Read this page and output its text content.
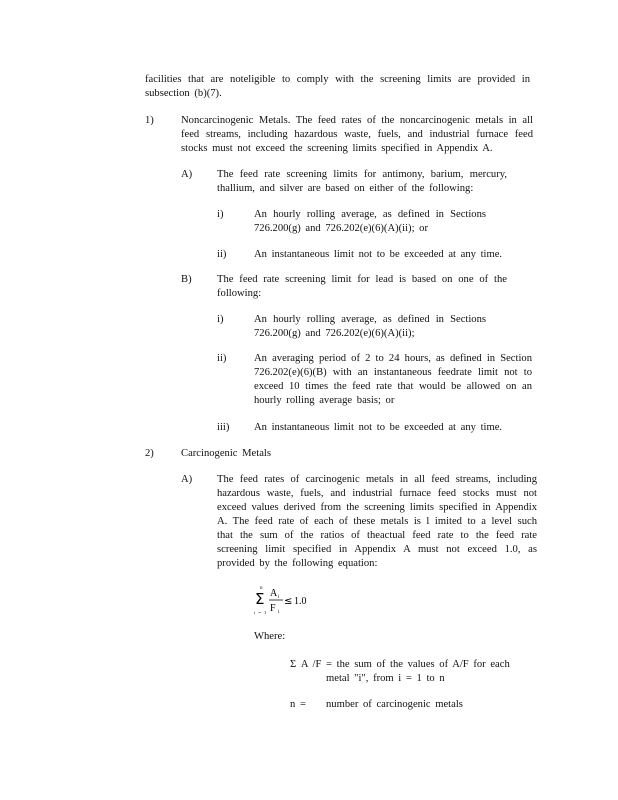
facilities that are noteligible to comply with the screening limits are provided in subsection (b)(7).
1)	Noncarcinogenic Metals. The feed rates of the noncarcinogenic metals in all feed streams, including hazardous waste, fuels, and industrial furnace feed stocks must not exceed the screening limits specified in Appendix A.
A) The feed rate screening limits for antimony, barium, mercury, thallium, and silver are based on either of the following:
i)	An hourly rolling average, as defined in Sections 726.200(g) and 726.202(e)(6)(A)(ii); or
ii)	An instantaneous limit not to be exceeded at any time.
B) The feed rate screening limit for lead is based on one of the following:
i)	An hourly rolling average, as defined in Sections 726.200(g) and 726.202(e)(6)(A)(ii);
ii)	An averaging period of 2 to 24 hours, as defined in Section 726.202(e)(6)(B) with an instantaneous feedrate limit not to exceed 10 times the feed rate that would be allowed on an hourly rolling average basis; or
iii) An instantaneous limit not to be exceeded at any time.
2)	Carcinogenic Metals
A) The feed rates of carcinogenic metals in all feed streams, including hazardous waste, fuels, and industrial furnace feed stocks must not exceed values derived from the screening limits specified in Appendix A. The feed rate of each of these metals is l imited to a level such that the sum of the ratios of theactual feed rate to the feed rate screening limit specified in Appendix A must not exceed 1.0, as provided by the following equation:
n
Σ
i = 1
A i
F i
≤ 1.0
Where:
Σ A /F = the sum of the values of A/F for each
metal "i", from i = 1 to n
n = number of carcinogenic metals
